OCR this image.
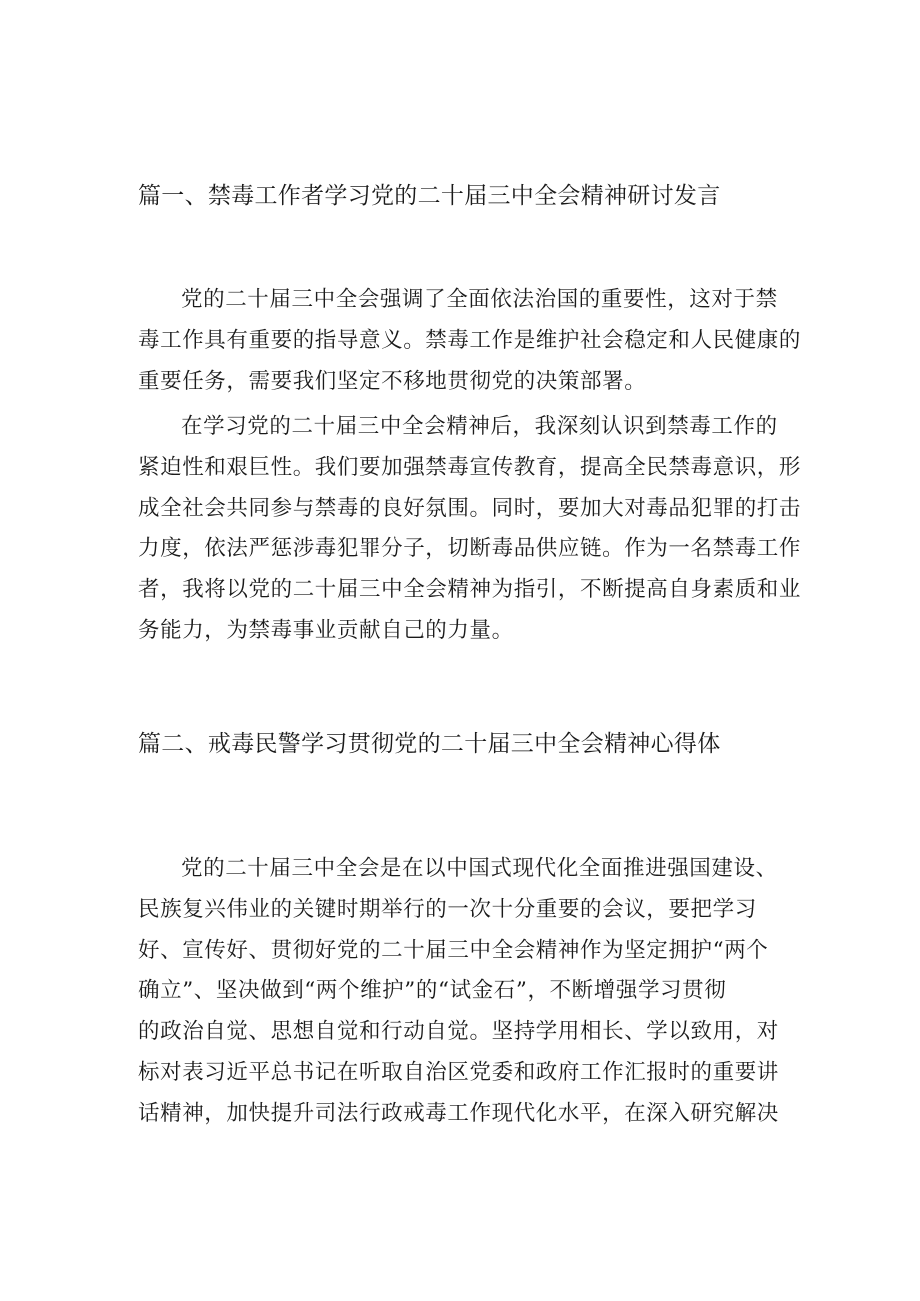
篇一、禁毒工作者学习党的二十届三中全会精神研讨发言
党的二十届三中全会强调了全面依法治国的重要性，这对于禁
毒工作具有重要的指导意义。禁毒工作是维护社会稳定和人民健康的
重要任务，需要我们坚定不移地贯彻党的决策部署。
在学习党的二十届三中全会精神后，我深刻认识到禁毒工作的
紧迫性和艰巨性。我们要加强禁毒宣传教育，提高全民禁毒意识，形
成全社会共同参与禁毒的良好氛围。同时，要加大对毒品犯罪的打击
力度，依法严惩涉毒犯罪分子，切断毒品供应链。作为一名禁毒工作
者，我将以党的二十届三中全会精神为指引，不断提高自身素质和业
务能力，为禁毒事业贡献自己的力量。
篇二、戒毒民警学习贯彻党的二十届三中全会精神心得体
党的二十届三中全会是在以中国式现代化全面推进强国建设、
民族复兴伟业的关键时期举行的一次十分重要的会议，要把学习
好、宣传好、贯彻好党的二十届三中全会精神作为坚定拥护“两个
确立”、坚决做到“两个维护”的“试金石”，不断增强学习贯彻
的政治自觉、思想自觉和行动自觉。坚持学用相长、学以致用，对
标对表习近平总书记在听取自治区党委和政府工作汇报时的重要讲
话精神，加快提升司法行政戒毒工作现代化水平，在深入研究解决
